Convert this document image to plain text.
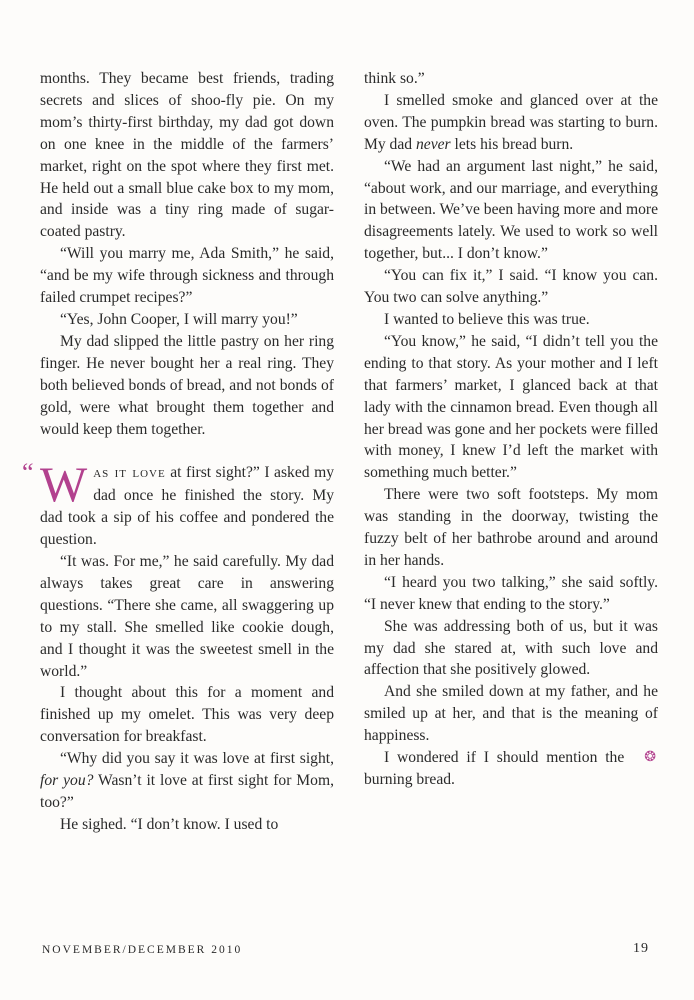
months. They became best friends, trading secrets and slices of shoo-fly pie. On my mom’s thirty-first birthday, my dad got down on one knee in the middle of the farmers’ market, right on the spot where they first met. He held out a small blue cake box to my mom, and inside was a tiny ring made of sugar-coated pastry.

“Will you marry me, Ada Smith,” he said, “and be my wife through sickness and through failed crumpet recipes?”

“Yes, John Cooper, I will marry you!”

My dad slipped the little pastry on her ring finger. He never bought her a real ring. They both believed bonds of bread, and not bonds of gold, were what brought them together and would keep them together.

“ W as it love at first sight?” I asked my dad once he finished the story. My dad took a sip of his coffee and pondered the question.

“It was. For me,” he said carefully. My dad always takes great care in answering questions. “There she came, all swaggering up to my stall. She smelled like cookie dough, and I thought it was the sweetest smell in the world.”

I thought about this for a moment and finished up my omelet. This was very deep conversation for breakfast.

“Why did you say it was love at first sight, for you? Wasn’t it love at first sight for Mom, too?”

He sighed. “I don’t know. I used to

think so.”

I smelled smoke and glanced over at the oven. The pumpkin bread was starting to burn. My dad never lets his bread burn.

“We had an argument last night,” he said, “about work, and our marriage, and everything in between. We’ve been having more and more disagreements lately. We used to work so well together, but... I don’t know.”

“You can fix it,” I said. “I know you can. You two can solve anything.”

I wanted to believe this was true.

“You know,” he said, “I didn’t tell you the ending to that story. As your mother and I left that farmers’ market, I glanced back at that lady with the cinnamon bread. Even though all her bread was gone and her pockets were filled with money, I knew I’d left the market with something much better.”

There were two soft footsteps. My mom was standing in the doorway, twisting the fuzzy belt of her bathrobe around and around in her hands.

“I heard you two talking,” she said softly. “I never knew that ending to the story.”

She was addressing both of us, but it was my dad she stared at, with such love and affection that she positively glowed.

And she smiled down at my father, and he smiled up at her, and that is the meaning of happiness.

❂
I wondered if I should mention the burning bread.

NOVEMBER/DECEMBER 2010	19
